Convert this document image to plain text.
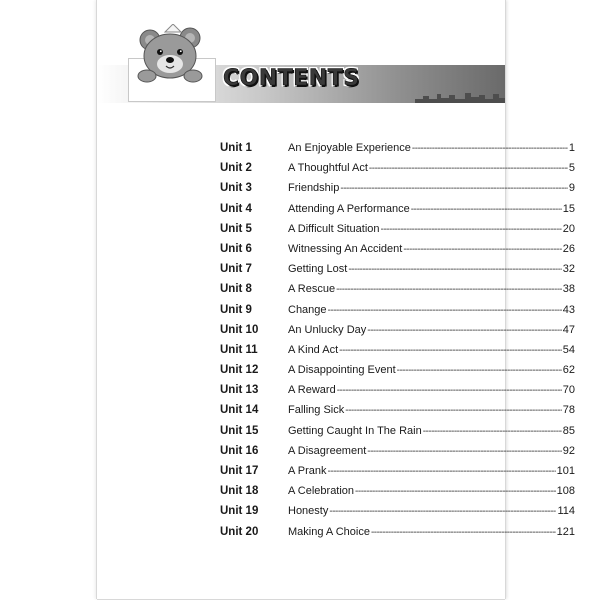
CONTENTS
Unit 1	An Enjoyable Experience -----	1
Unit 2	A Thoughtful Act -----	5
Unit 3	Friendship -----	9
Unit 4	Attending A Performance -----	15
Unit 5	A Difficult Situation -----	20
Unit 6	Witnessing An Accident -----	26
Unit 7	Getting Lost -----	32
Unit 8	A Rescue -----	38
Unit 9	Change -----	43
Unit 10	An Unlucky Day -----	47
Unit 11	A Kind Act -----	54
Unit 12	A Disappointing Event -----	62
Unit 13	A Reward -----	70
Unit 14	Falling Sick -----	78
Unit 15	Getting Caught In The Rain -----	85
Unit 16	A Disagreement -----	92
Unit 17	A Prank -----	101
Unit 18	A Celebration -----	108
Unit 19	Honesty -----	114
Unit 20	Making A Choice -----	121
